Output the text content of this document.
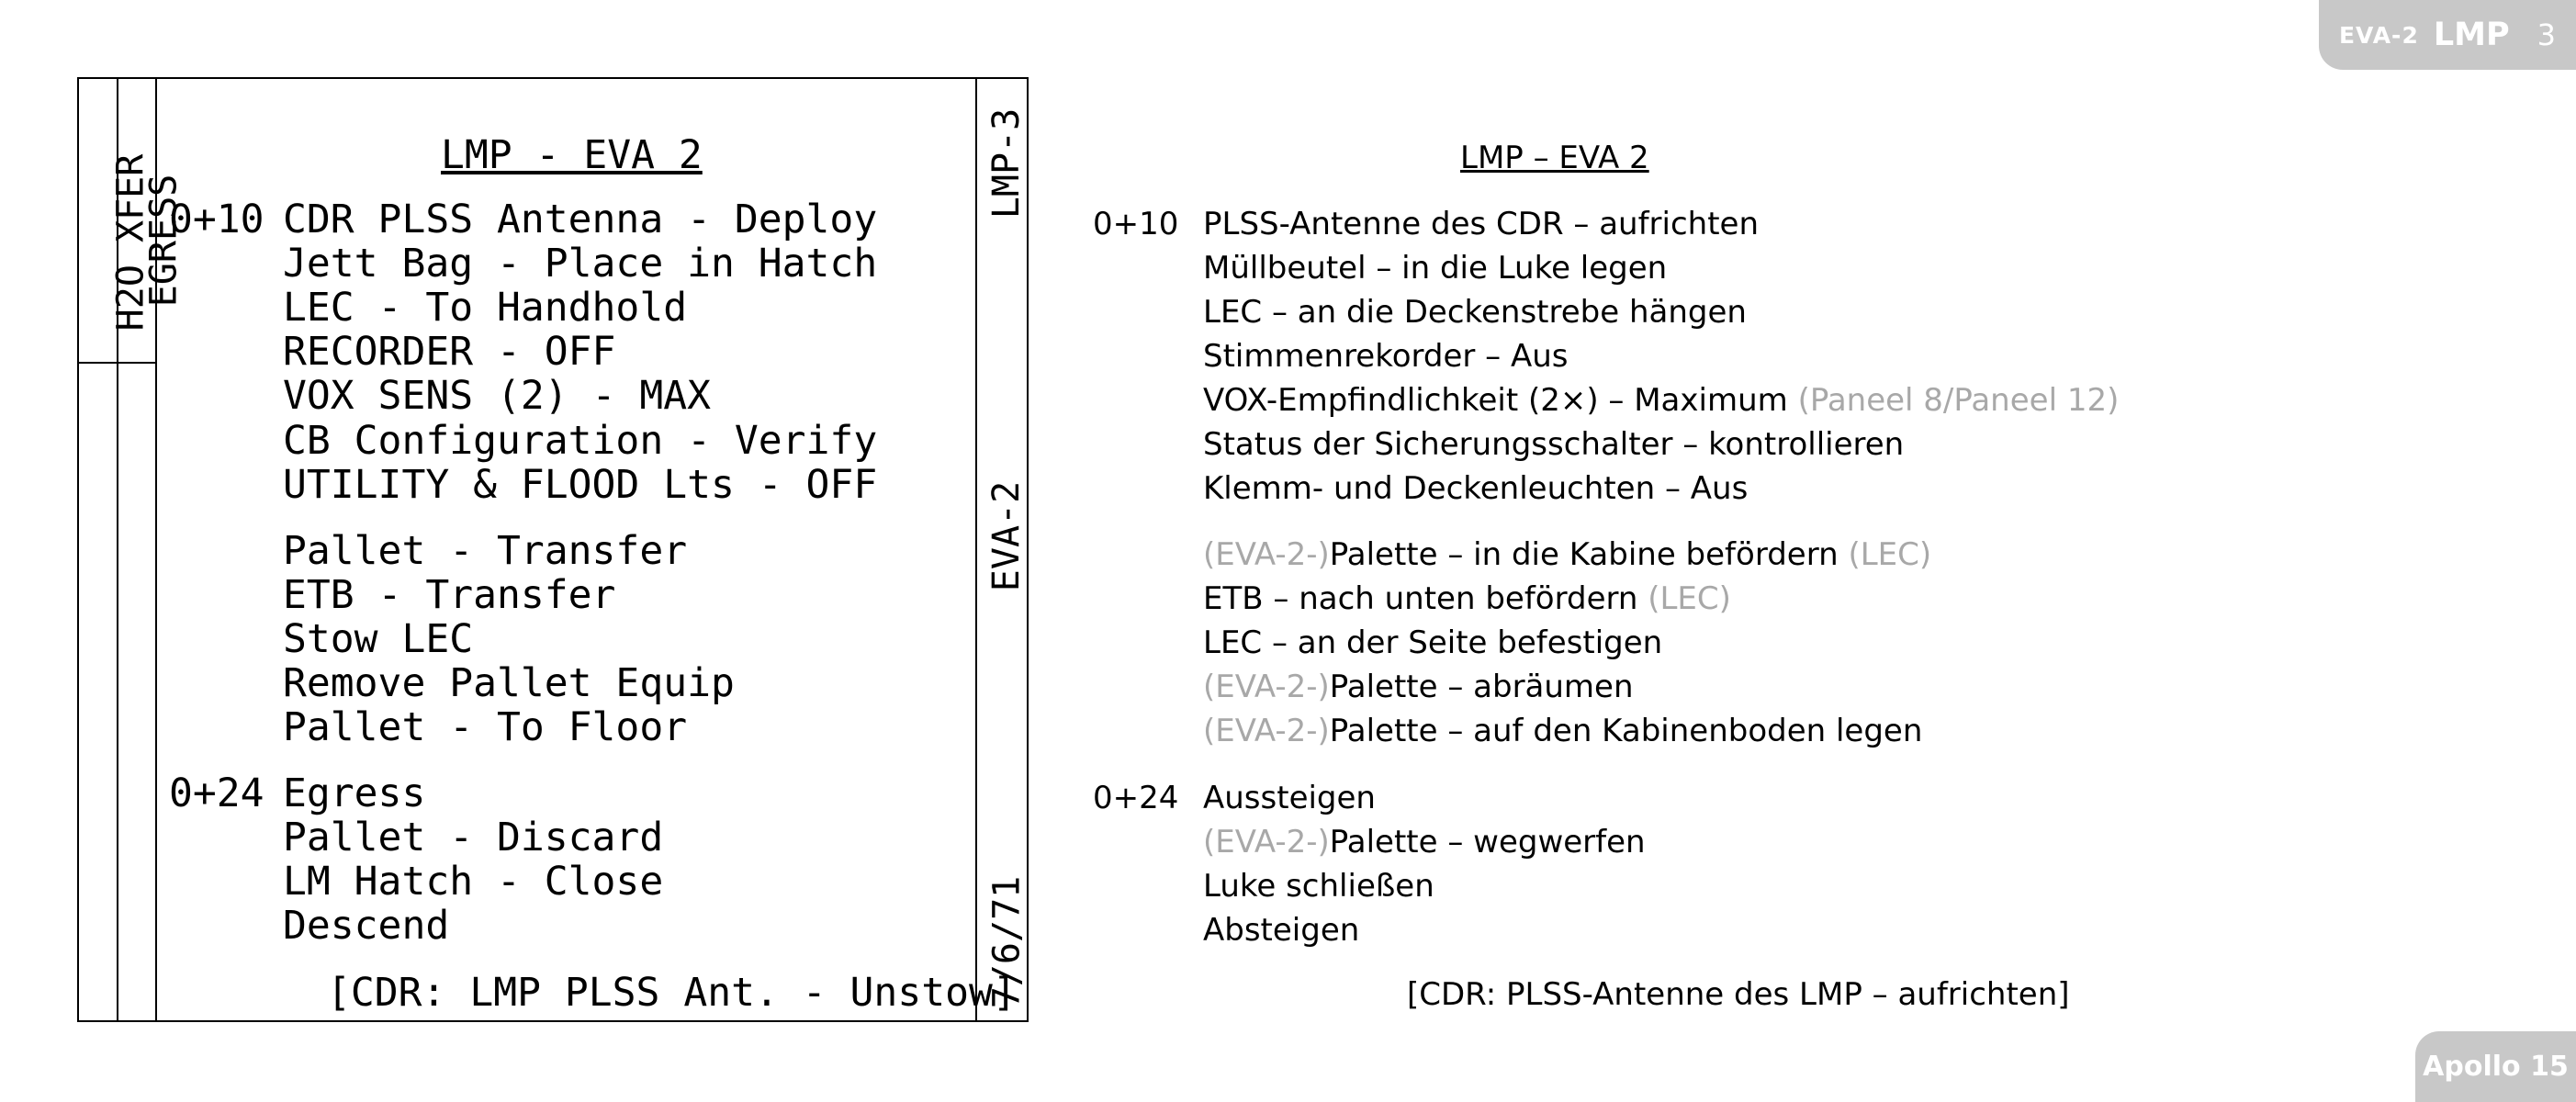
EVA-2 LMP 3
Apollo 15
H2O XFER
EGRESS
LMP-3
EVA-2
7/6/71
LMP - EVA 2
0+10 CDR PLSS Antenna - Deploy
Jett Bag - Place in Hatch
LEC - To Handhold
RECORDER - OFF
VOX SENS (2) - MAX
CB Configuration - Verify
UTILITY & FLOOD Lts - OFF
Pallet - Transfer
ETB - Transfer
Stow LEC
Remove Pallet Equip
Pallet - To Floor
0+24 Egress
Pallet - Discard
LM Hatch - Close
Descend
[CDR: LMP PLSS Ant. - Unstow]
LMP – EVA 2
0+10 PLSS-Antenne des CDR – aufrichten
Müllbeutel – in die Luke legen
LEC – an die Deckenstrebe hängen
Stimmenrekorder – Aus
VOX-Empfindlichkeit (2×) – Maximum (Paneel 8/Paneel 12)
Status der Sicherungsschalter – kontrollieren
Klemm- und Deckenleuchten – Aus
(EVA-2-)Palette – in die Kabine befördern (LEC)
ETB – nach unten befördern (LEC)
LEC – an der Seite befestigen
(EVA-2-)Palette – abräumen
(EVA-2-)Palette – auf den Kabinenboden legen
0+24 Aussteigen
(EVA-2-)Palette – wegwerfen
Luke schließen
Absteigen
[CDR: PLSS-Antenne des LMP – aufrichten]
